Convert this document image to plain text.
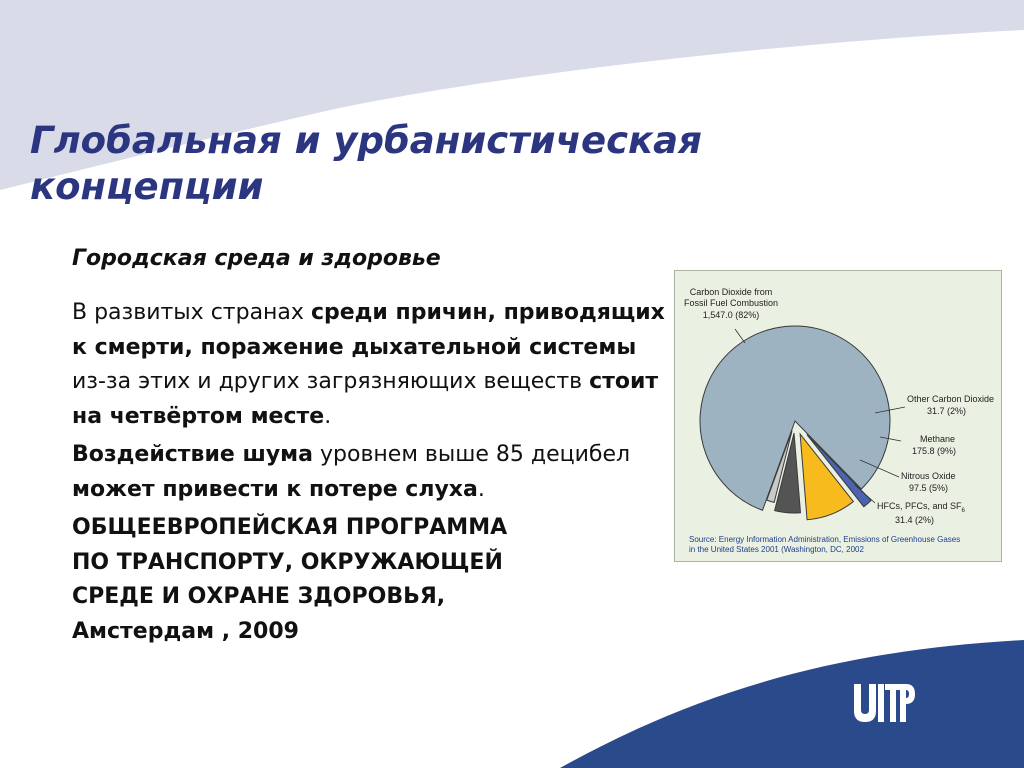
Глобальная и урбанистическая концепции
Городская среда и здоровье

В развитых странах среди причин, приводящих к смерти, поражение дыхательной системы из-за этих и других загрязняющих веществ стоит на четвёртом месте.

Воздействие шума уровнем выше 85 децибел может привести к потере слуха.

ОБЩЕЕВРОПЕЙСКАЯ ПРОГРАММА
ПО ТРАНСПОРТУ, ОКРУЖАЮЩЕЙ
СРЕДЕ И ОХРАНЕ ЗДОРОВЬЯ,
Амстердам , 2009
Carbon Dioxide from
Fossil Fuel Combustion
1,547.0 (82%)
Other Carbon Dioxide
31.7 (2%)
Methane
175.8 (9%)
Nitrous Oxide
97.5 (5%)
HFCs, PFCs, and $SF_6$
31.4 (2%)
Source: Energy Information Administration, Emissions of Greenhouse Gases
in the United States 2001 (Washington, DC, 2002
